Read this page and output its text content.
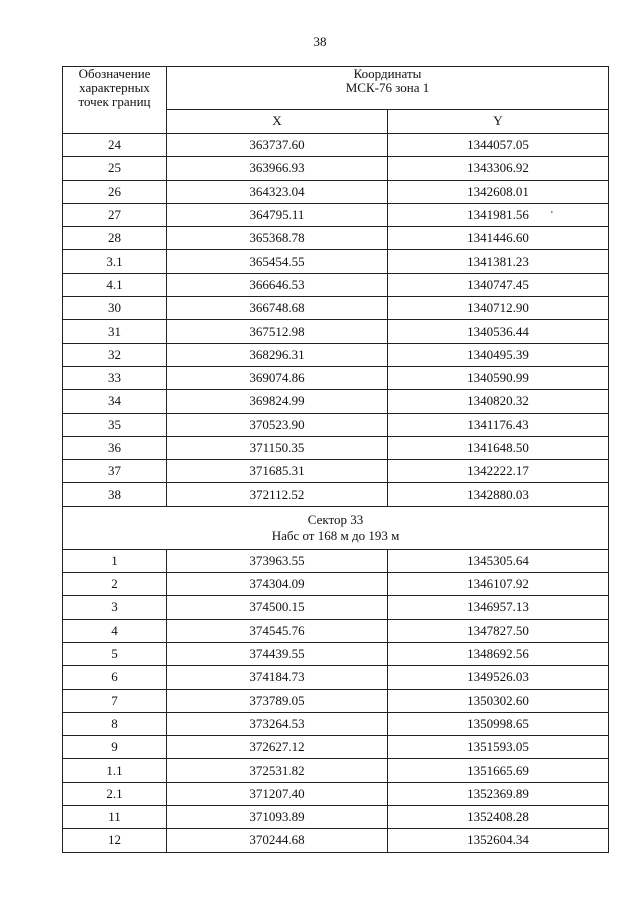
38
Обозначение
характерных
точек границ	Координаты
МСК-76 зона 1	

	X	Y
24	363737.60	1344057.05
25	363966.93	1343306.92
26	364323.04	1342608.01
27	364795.11	1341981.56
28	365368.78	1341446.60
3.1	365454.55	1341381.23
4.1	366646.53	1340747.45
30	366748.68	1340712.90
31	367512.98	1340536.44
32	368296.31	1340495.39
33	369074.86	1340590.99
34	369824.99	1340820.32
35	370523.90	1341176.43
36	371150.35	1341648.50
37	371685.31	1342222.17
38	372112.52	1342880.03

Сектор 33
Набс от 168 м до 193 м		

1	373963.55	1345305.64
2	374304.09	1346107.92
3	374500.15	1346957.13
4	374545.76	1347827.50
5	374439.55	1348692.56
6	374184.73	1349526.03
7	373789.05	1350302.60
8	373264.53	1350998.65
9	372627.12	1351593.05
1.1	372531.82	1351665.69
2.1	371207.40	1352369.89
11	371093.89	1352408.28
12	370244.68	1352604.34
'
